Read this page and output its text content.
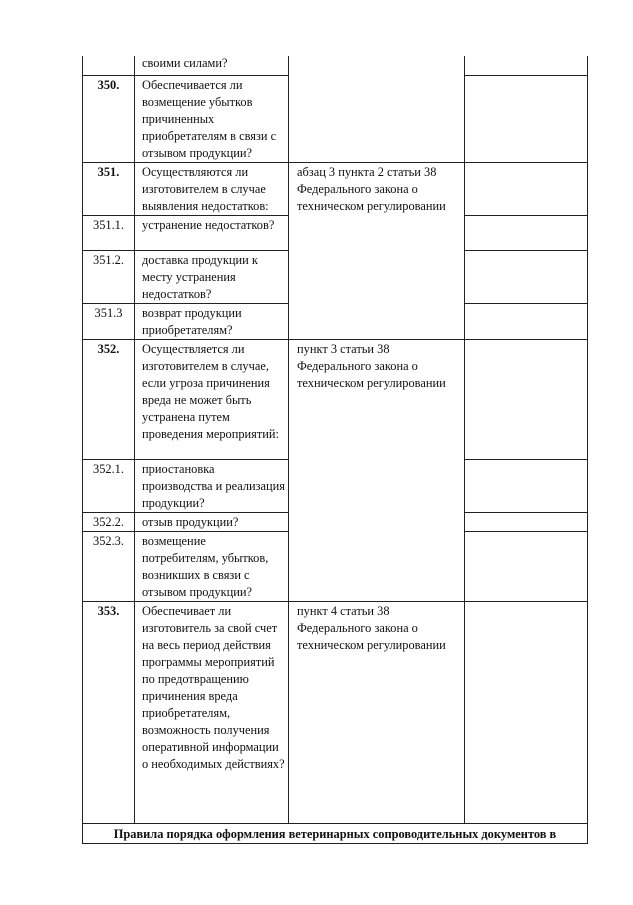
	своими силами?		
350.	Обеспечивается ли возмещение убытков причиненных приобретателям в связи с отзывом продукции?		
351.	Осуществляются ли изготовителем в случае выявления недостатков:	абзац 3 пункта 2 статьи 38 Федерального закона о техническом регулировании	
351.1.	устранение недостатков?		
351.2.	доставка продукции к месту устранения недостатков?		
351.3	возврат продукции приобретателям?		
352.	Осуществляется ли изготовителем в случае, если угроза причинения вреда не может быть устранена путем проведения мероприятий:	пункт 3 статьи 38 Федерального закона о техническом регулировании	
352.1.	приостановка производства и реализация продукции?		
352.2.	отзыв продукции?		
352.3.	возмещение потребителям, убытков, возникших в связи с отзывом продукции?		
353.	Обеспечивает ли изготовитель за свой счет на весь период действия программы мероприятий по предотвращению причинения вреда приобретателям, возможность получения оперативной информации о необходимых действиях?	пункт 4 статьи 38 Федерального закона о техническом регулировании	
Правила порядка оформления ветеринарных сопроводительных документов в			
